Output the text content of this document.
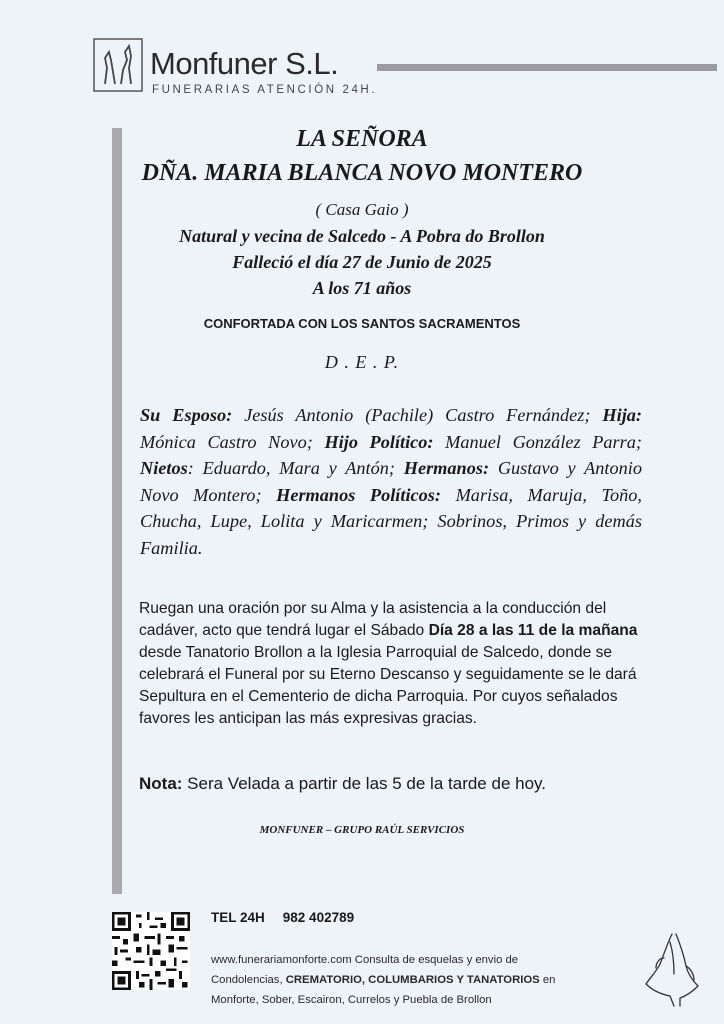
Monfuner S.L.
FUNERARIAS ATENCIÓN 24H.
LA SEÑORA
DÑA. MARIA BLANCA NOVO MONTERO
( Casa Gaio )
Natural y vecina de Salcedo - A Pobra do Brollon
Falleció el día 27 de Junio de 2025
A los 71 años
CONFORTADA CON LOS SANTOS SACRAMENTOS
D . E . P.
Su Esposo: Jesús Antonio (Pachile) Castro Fernández; Hija: Mónica Castro Novo; Hijo Político: Manuel González Parra; Nietos: Eduardo, Mara y Antón; Hermanos: Gustavo y Antonio Novo Montero; Hermanos Políticos: Marisa, Maruja, Toño, Chucha, Lupe, Lolita y Maricarmen; Sobrinos, Primos y demás Familia.
Ruegan una oración por su Alma y la asistencia a la conducción del cadáver, acto que tendrá lugar el Sábado Día 28 a las 11 de la mañana desde Tanatorio Brollon a la Iglesia Parroquial de Salcedo, donde se celebrará el Funeral por su Eterno Descanso y seguidamente se le dará Sepultura en el Cementerio de dicha Parroquia. Por cuyos señalados favores les anticipan las más expresivas gracias.
Nota: Sera Velada a partir de las 5 de la tarde de hoy.
MONFUNER – GRUPO RAÚL SERVICIOS
TEL 24H 982 402789
www.funerariamonforte.com Consulta de esquelas y envio de
Condolencias, CREMATORIO, COLUMBARIOS Y TANATORIOS en
Monforte, Sober, Escairon, Currelos y Puebla de Brollon
